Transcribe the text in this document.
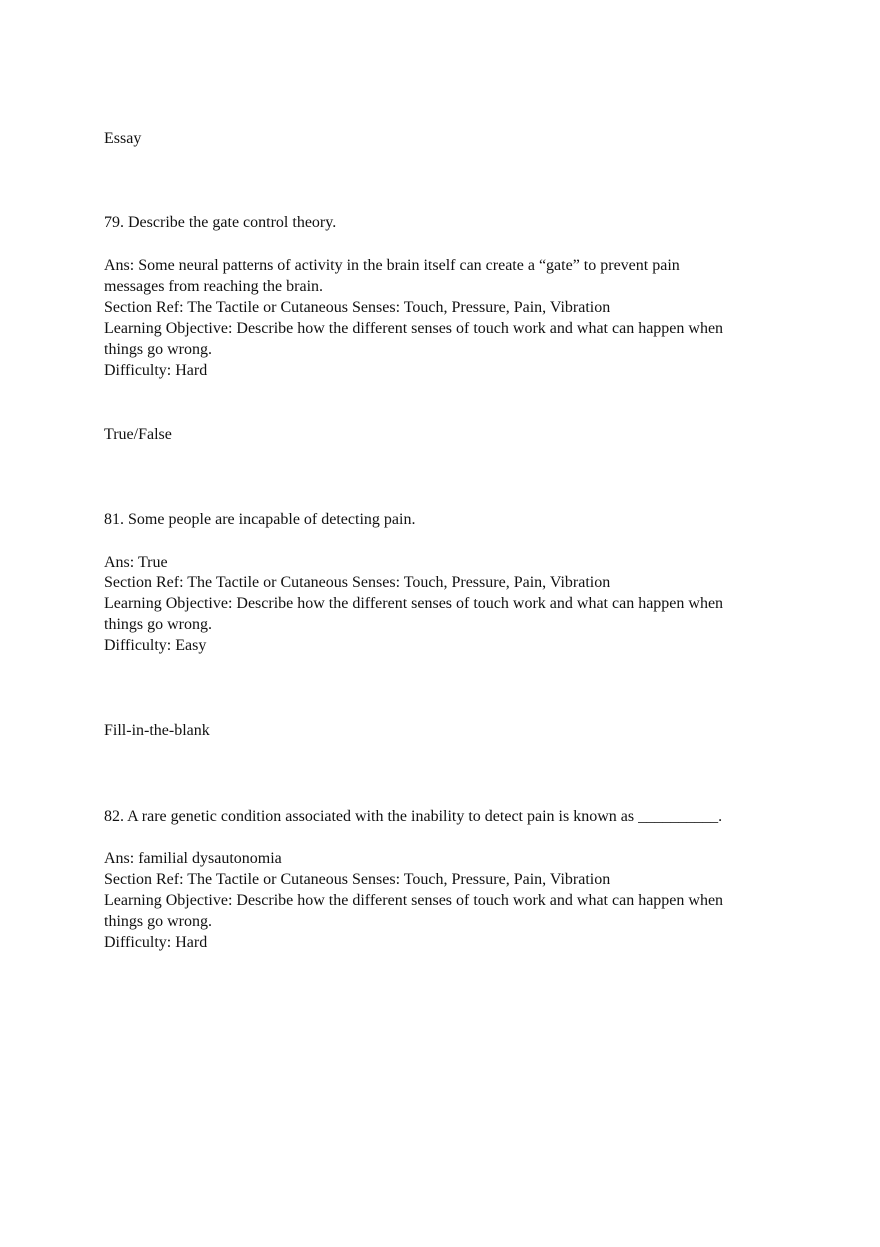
Essay
79. Describe the gate control theory.
Ans: Some neural patterns of activity in the brain itself can create a “gate” to prevent pain
messages from reaching the brain.
Section Ref: The Tactile or Cutaneous Senses: Touch, Pressure, Pain, Vibration
Learning Objective: Describe how the different senses of touch work and what can happen when
things go wrong.
Difficulty: Hard
True/False
81. Some people are incapable of detecting pain.
Ans: True
Section Ref: The Tactile or Cutaneous Senses: Touch, Pressure, Pain, Vibration
Learning Objective: Describe how the different senses of touch work and what can happen when
things go wrong.
Difficulty: Easy
Fill-in-the-blank
82. A rare genetic condition associated with the inability to detect pain is known as __________.
Ans: familial dysautonomia
Section Ref: The Tactile or Cutaneous Senses: Touch, Pressure, Pain, Vibration
Learning Objective: Describe how the different senses of touch work and what can happen when
things go wrong.
Difficulty: Hard
